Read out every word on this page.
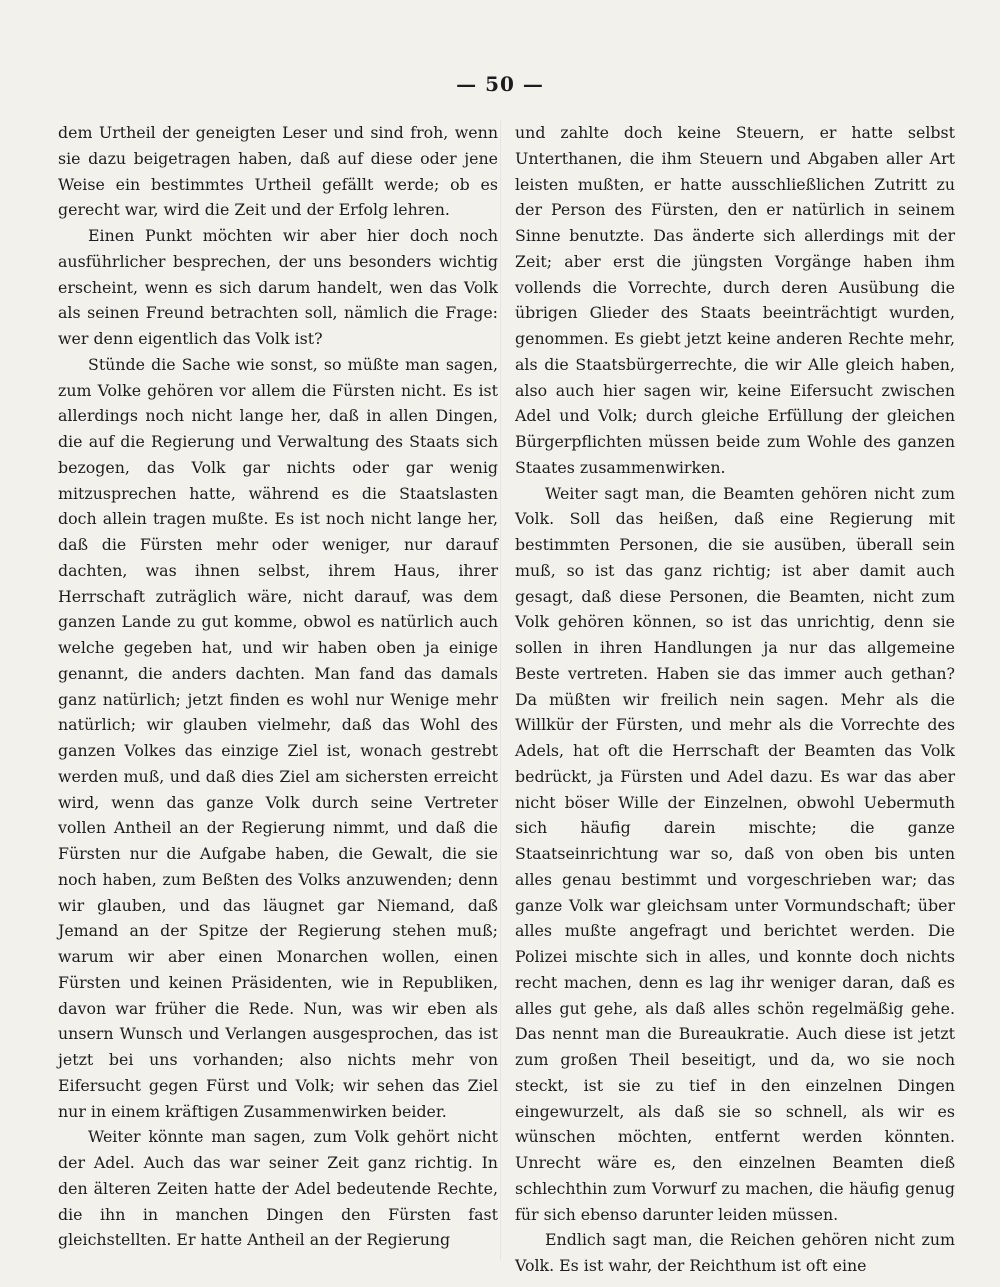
— 50 —

dem Urtheil der geneigten Leser und sind froh, wenn sie dazu beigetragen haben, daß auf diese oder jene Weise ein bestimmtes Urtheil gefällt werde; ob es gerecht war, wird die Zeit und der Erfolg lehren.

Einen Punkt möchten wir aber hier doch noch ausführlicher besprechen, der uns besonders wichtig erscheint, wenn es sich darum handelt, wen das Volk als seinen Freund betrachten soll, nämlich die Frage: wer denn eigentlich das Volk ist?

Stünde die Sache wie sonst, so müßte man sagen, zum Volke gehören vor allem die Fürsten nicht. Es ist allerdings noch nicht lange her, daß in allen Dingen, die auf die Regierung und Verwaltung des Staats sich bezogen, das Volk gar nichts oder gar wenig mitzusprechen hatte, während es die Staatslasten doch allein tragen mußte. Es ist noch nicht lange her, daß die Fürsten mehr oder weniger, nur darauf dachten, was ihnen selbst, ihrem Haus, ihrer Herrschaft zuträglich wäre, nicht darauf, was dem ganzen Lande zu gut komme, obwol es natürlich auch welche gegeben hat, und wir haben oben ja einige genannt, die anders dachten. Man fand das damals ganz natürlich; jetzt finden es wohl nur Wenige mehr natürlich; wir glauben vielmehr, daß das Wohl des ganzen Volkes das einzige Ziel ist, wonach gestrebt werden muß, und daß dies Ziel am sichersten erreicht wird, wenn das ganze Volk durch seine Vertreter vollen Antheil an der Regierung nimmt, und daß die Fürsten nur die Aufgabe haben, die Gewalt, die sie noch haben, zum Beßten des Volks anzuwenden; denn wir glauben, und das läugnet gar Niemand, daß Jemand an der Spitze der Regierung stehen muß; warum wir aber einen Monarchen wollen, einen Fürsten und keinen Präsidenten, wie in Republiken, davon war früher die Rede. Nun, was wir eben als unsern Wunsch und Verlangen ausgesprochen, das ist jetzt bei uns vorhanden; also nichts mehr von Eifersucht gegen Fürst und Volk; wir sehen das Ziel nur in einem kräftigen Zusammenwirken beider.

Weiter könnte man sagen, zum Volk gehört nicht der Adel. Auch das war seiner Zeit ganz richtig. In den älteren Zeiten hatte der Adel bedeutende Rechte, die ihn in manchen Dingen den Fürsten fast gleichstellten. Er hatte Antheil an der Regierung

und zahlte doch keine Steuern, er hatte selbst Unterthanen, die ihm Steuern und Abgaben aller Art leisten mußten, er hatte ausschließlichen Zutritt zu der Person des Fürsten, den er natürlich in seinem Sinne benutzte. Das änderte sich allerdings mit der Zeit; aber erst die jüngsten Vorgänge haben ihm vollends die Vorrechte, durch deren Ausübung die übrigen Glieder des Staats beeinträchtigt wurden, genommen. Es giebt jetzt keine anderen Rechte mehr, als die Staatsbürgerrechte, die wir Alle gleich haben, also auch hier sagen wir, keine Eifersucht zwischen Adel und Volk; durch gleiche Erfüllung der gleichen Bürgerpflichten müssen beide zum Wohle des ganzen Staates zusammenwirken.

Weiter sagt man, die Beamten gehören nicht zum Volk. Soll das heißen, daß eine Regierung mit bestimmten Personen, die sie ausüben, überall sein muß, so ist das ganz richtig; ist aber damit auch gesagt, daß diese Personen, die Beamten, nicht zum Volk gehören können, so ist das unrichtig, denn sie sollen in ihren Handlungen ja nur das allgemeine Beste vertreten. Haben sie das immer auch gethan? Da müßten wir freilich nein sagen. Mehr als die Willkür der Fürsten, und mehr als die Vorrechte des Adels, hat oft die Herrschaft der Beamten das Volk bedrückt, ja Fürsten und Adel dazu. Es war das aber nicht böser Wille der Einzelnen, obwohl Uebermuth sich häufig darein mischte; die ganze Staatseinrichtung war so, daß von oben bis unten alles genau bestimmt und vorgeschrieben war; das ganze Volk war gleichsam unter Vormundschaft; über alles mußte angefragt und berichtet werden. Die Polizei mischte sich in alles, und konnte doch nichts recht machen, denn es lag ihr weniger daran, daß es alles gut gehe, als daß alles schön regelmäßig gehe. Das nennt man die Bureaukratie. Auch diese ist jetzt zum großen Theil beseitigt, und da, wo sie noch steckt, ist sie zu tief in den einzelnen Dingen eingewurzelt, als daß sie so schnell, als wir es wünschen möchten, entfernt werden könnten. Unrecht wäre es, den einzelnen Beamten dieß schlechthin zum Vorwurf zu machen, die häufig genug für sich ebenso darunter leiden müssen.

Endlich sagt man, die Reichen gehören nicht zum Volk. Es ist wahr, der Reichthum ist oft eine
